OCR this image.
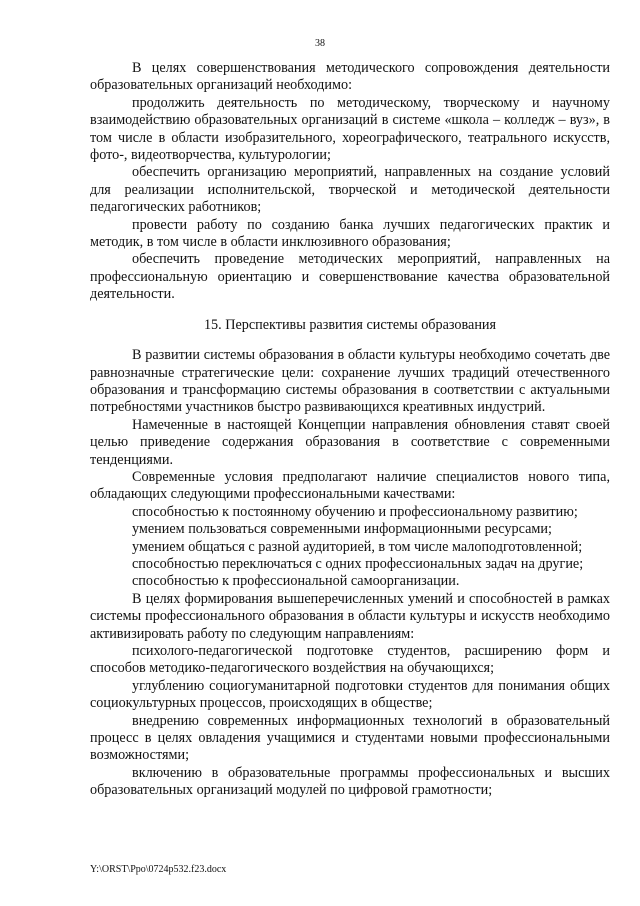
38

В целях совершенствования методического сопровождения деятельности образовательных организаций необходимо:

продолжить деятельность по методическому, творческому и научному взаимодействию образовательных организаций в системе «школа – колледж – вуз», в том числе в области изобразительного, хореографического, театрального искусств, фото-, видеотворчества, культурологии;

обеспечить организацию мероприятий, направленных на создание условий для реализации исполнительской, творческой и методической деятельности педагогических работников;

провести работу по созданию банка лучших педагогических практик и методик, в том числе в области инклюзивного образования;

обеспечить проведение методических мероприятий, направленных на профессиональную ориентацию и совершенствование качества образовательной деятельности.

15. Перспективы развития системы образования

В развитии системы образования в области культуры необходимо сочетать две равнозначные стратегические цели: сохранение лучших традиций отечественного образования и трансформацию системы образования в соответствии с актуальными потребностями участников быстро развивающихся креативных индустрий.

Намеченные в настоящей Концепции направления обновления ставят своей целью приведение содержания образования в соответствие с современными тенденциями.

Современные условия предполагают наличие специалистов нового типа, обладающих следующими профессиональными качествами:

способностью к постоянному обучению и профессиональному развитию;

умением пользоваться современными информационными ресурсами;

умением общаться с разной аудиторией, в том числе малоподготовленной;

способностью переключаться с одних профессиональных задач на другие;

способностью к профессиональной самоорганизации.

В целях формирования вышеперечисленных умений и способностей в рамках системы профессионального образования в области культуры и искусств необходимо активизировать работу по следующим направлениям:

психолого-педагогической подготовке студентов, расширению форм и способов методико-педагогического воздействия на обучающихся;

углублению социогуманитарной подготовки студентов для понимания общих социокультурных процессов, происходящих в обществе;

внедрению современных информационных технологий в образовательный процесс в целях овладения учащимися и студентами новыми профессиональными возможностями;

включению в образовательные программы профессиональных и высших образовательных организаций модулей по цифровой грамотности;

Y:\ORST\Ppo\0724p532.f23.docx
